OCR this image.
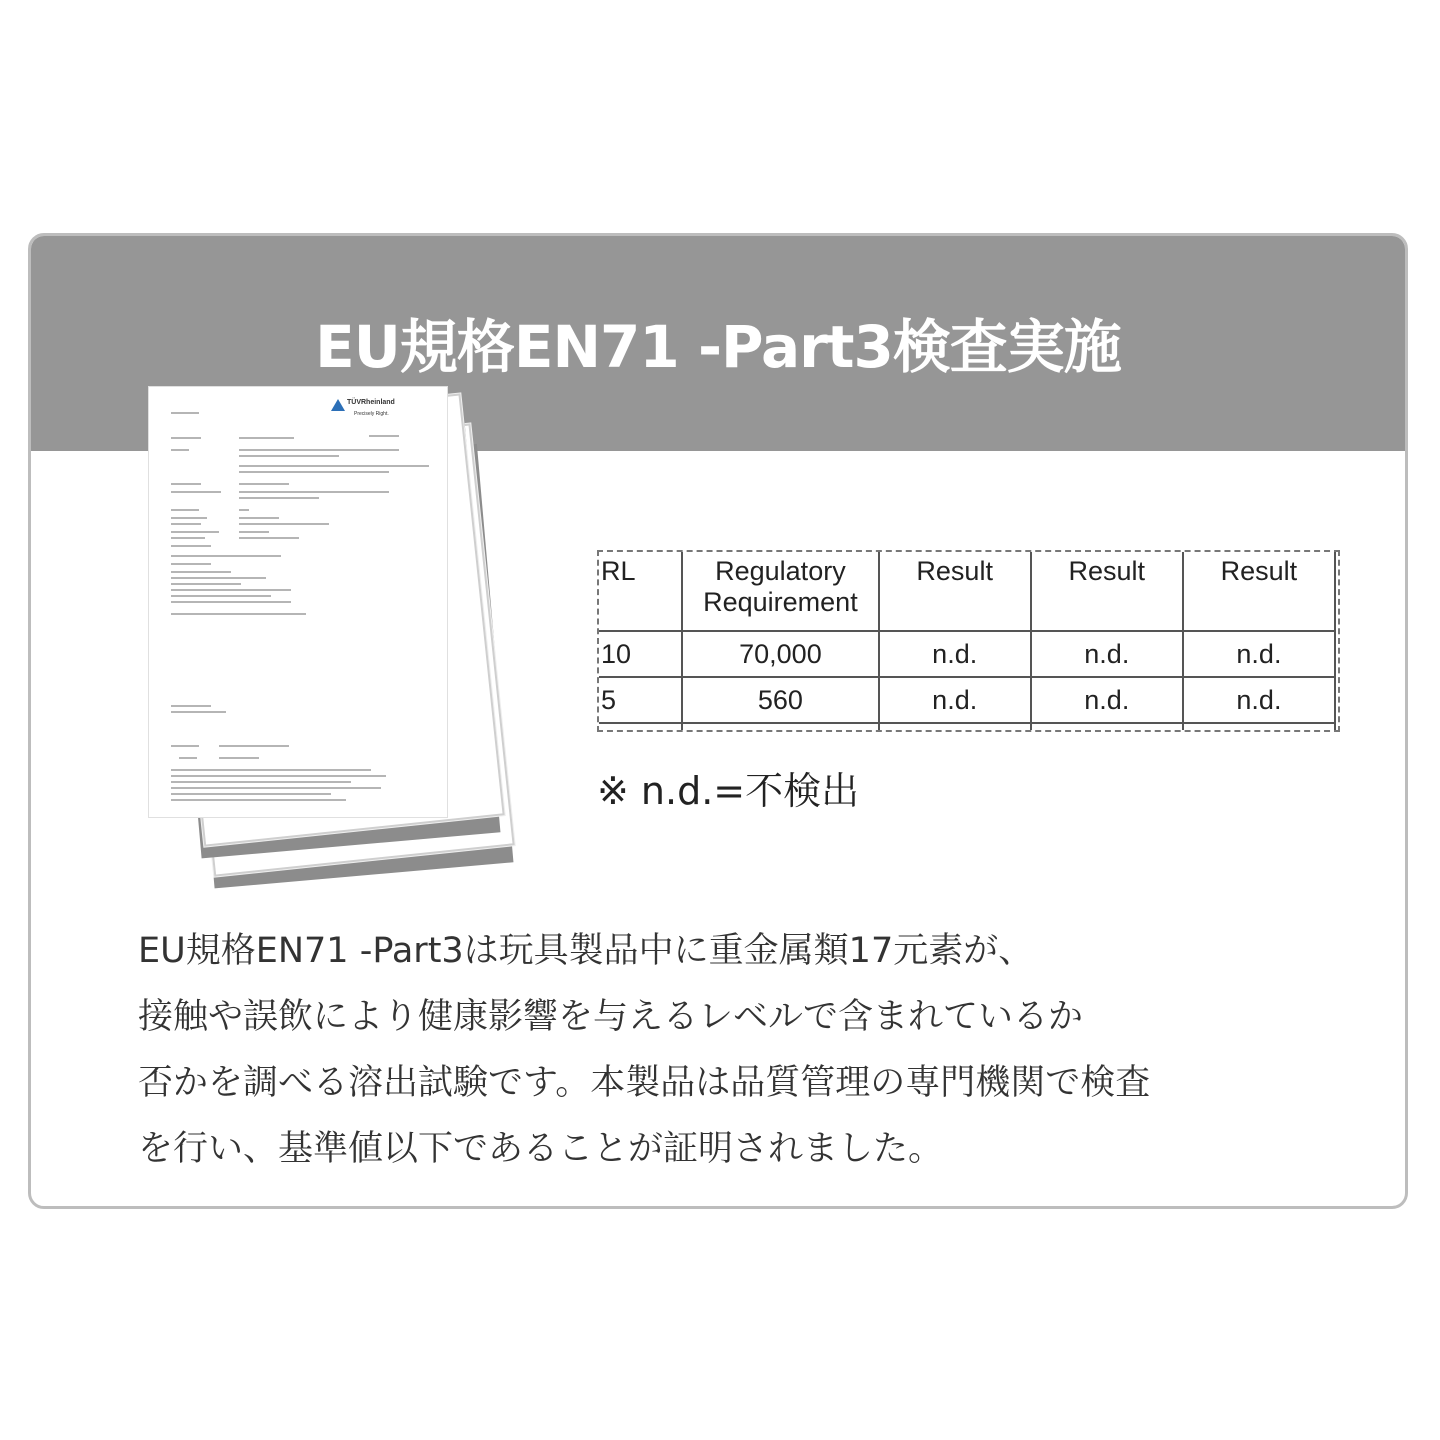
EU規格EN71 -Part3検査実施
TÜVRheinland
Precisely Right.
RL	Regulatory Requirement	Result	Result	Result
10	70,000	n.d.	n.d.	n.d.
5	560	n.d.	n.d.	n.d.

※ n.d.=不検出
EU規格EN71 -Part3は玩具製品中に重金属類17元素が、
接触や誤飲により健康影響を与えるレベルで含まれているか
否かを調べる溶出試験です。本製品は品質管理の専門機関で検査
を行い、基準値以下であることが証明されました。
